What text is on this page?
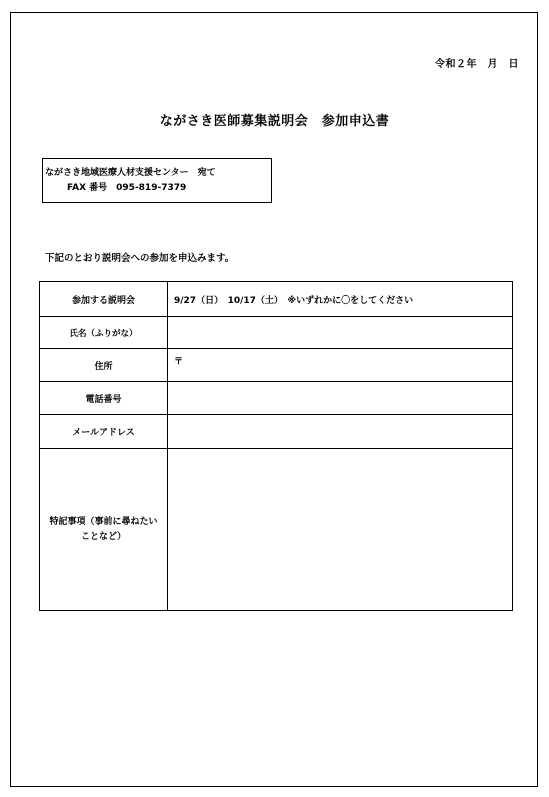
令和２年　月　日
ながさき医師募集説明会　参加申込書
ながさき地域医療人材支援センター　宛て
FAX 番号　095-819-7379
下記のとおり説明会への参加を申込みます。
参加する説明会	9/27（日）　10/17（土）　※いずれかに〇をしてください
氏名（ふりがな）	
住所	〒
電話番号	
メールアドレス	
特記事項（事前に尋ねたいことなど）	
